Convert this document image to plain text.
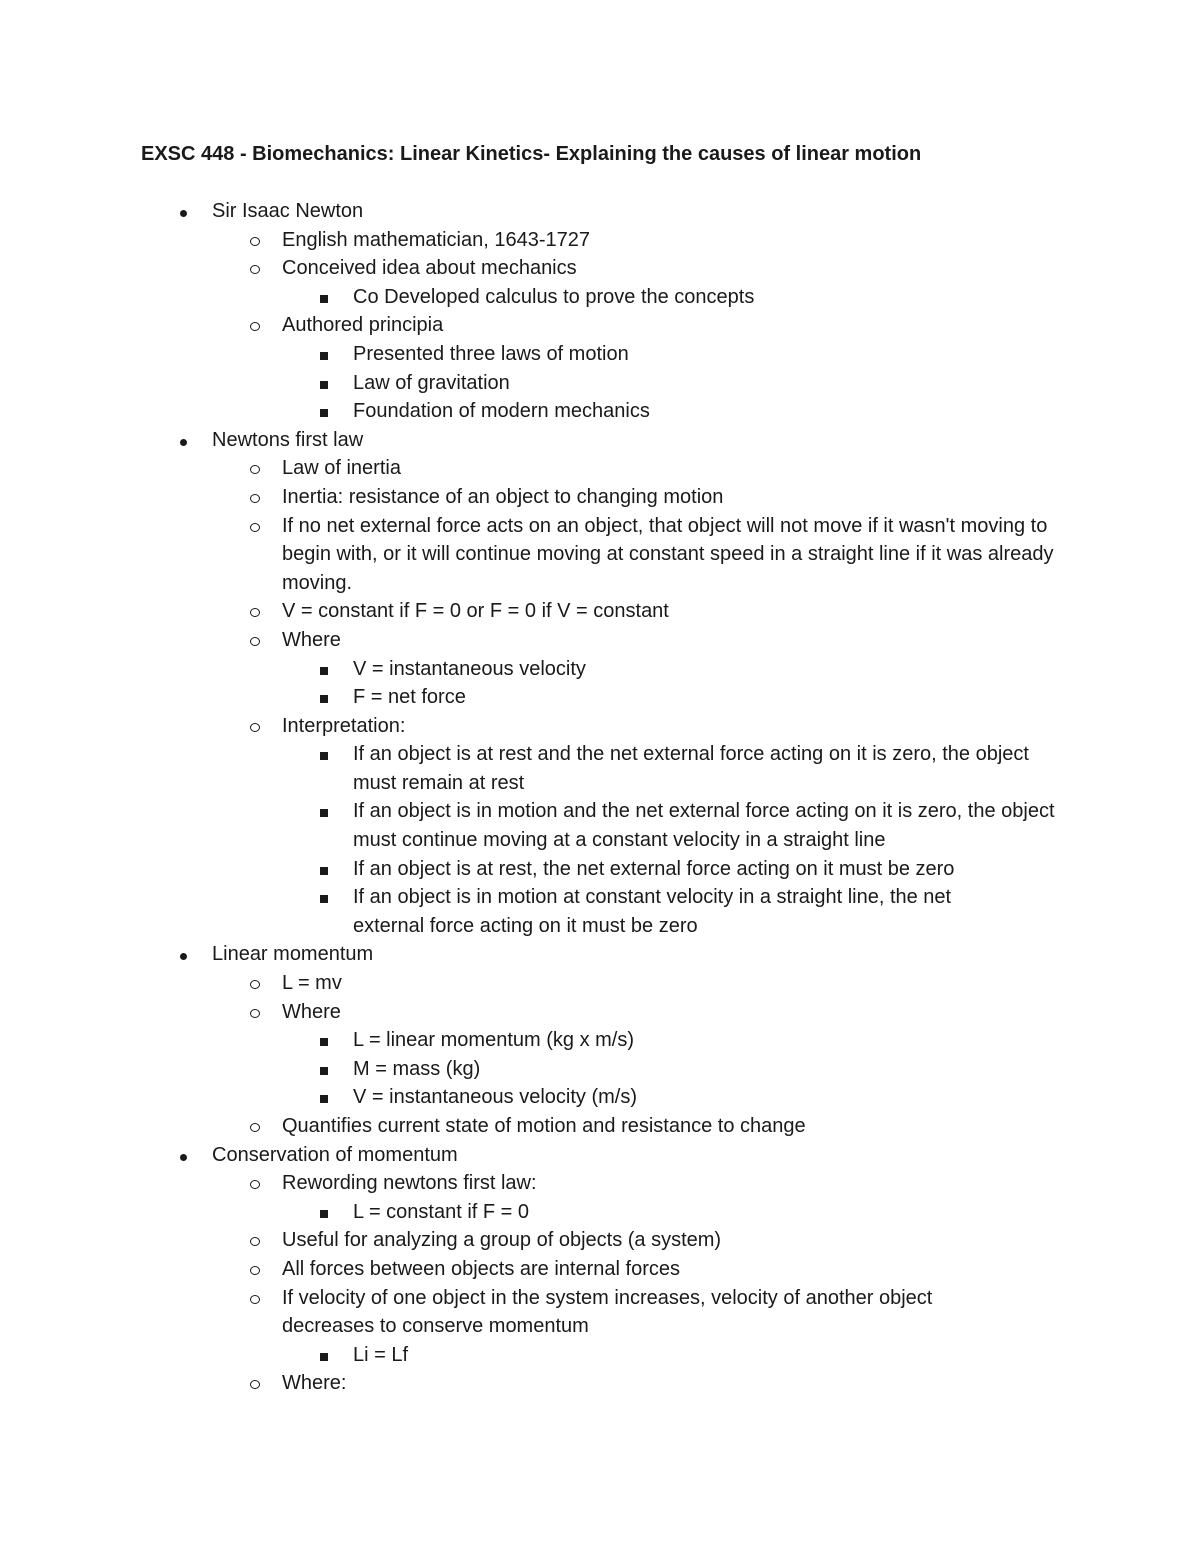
EXSC 448 - Biomechanics: Linear Kinetics- Explaining the causes of linear motion
Sir Isaac Newton
English mathematician, 1643-1727
Conceived idea about mechanics
Co Developed calculus to prove the concepts
Authored principia
Presented three laws of motion
Law of gravitation
Foundation of modern mechanics
Newtons first law
Law of inertia
Inertia: resistance of an object to changing motion
If no net external force acts on an object, that object will not move if it wasn't moving to begin with, or it will continue moving at constant speed in a straight line if it was already moving.
V = constant if F = 0 or F = 0 if V = constant
Where
V = instantaneous velocity
F = net force
Interpretation:
If an object is at rest and the net external force acting on it is zero, the object must remain at rest
If an object is in motion and the net external force acting on it is zero, the object must continue moving at a constant velocity in a straight line
If an object is at rest, the net external force acting on it must be zero
If an object is in motion at constant velocity in a straight line, the net external force acting on it must be zero
Linear momentum
L = mv
Where
L = linear momentum (kg x m/s)
M = mass (kg)
V = instantaneous velocity (m/s)
Quantifies current state of motion and resistance to change
Conservation of momentum
Rewording newtons first law:
L = constant if F = 0
Useful for analyzing a group of objects (a system)
All forces between objects are internal forces
If velocity of one object in the system increases, velocity of another object decreases to conserve momentum
Li = Lf
Where:
